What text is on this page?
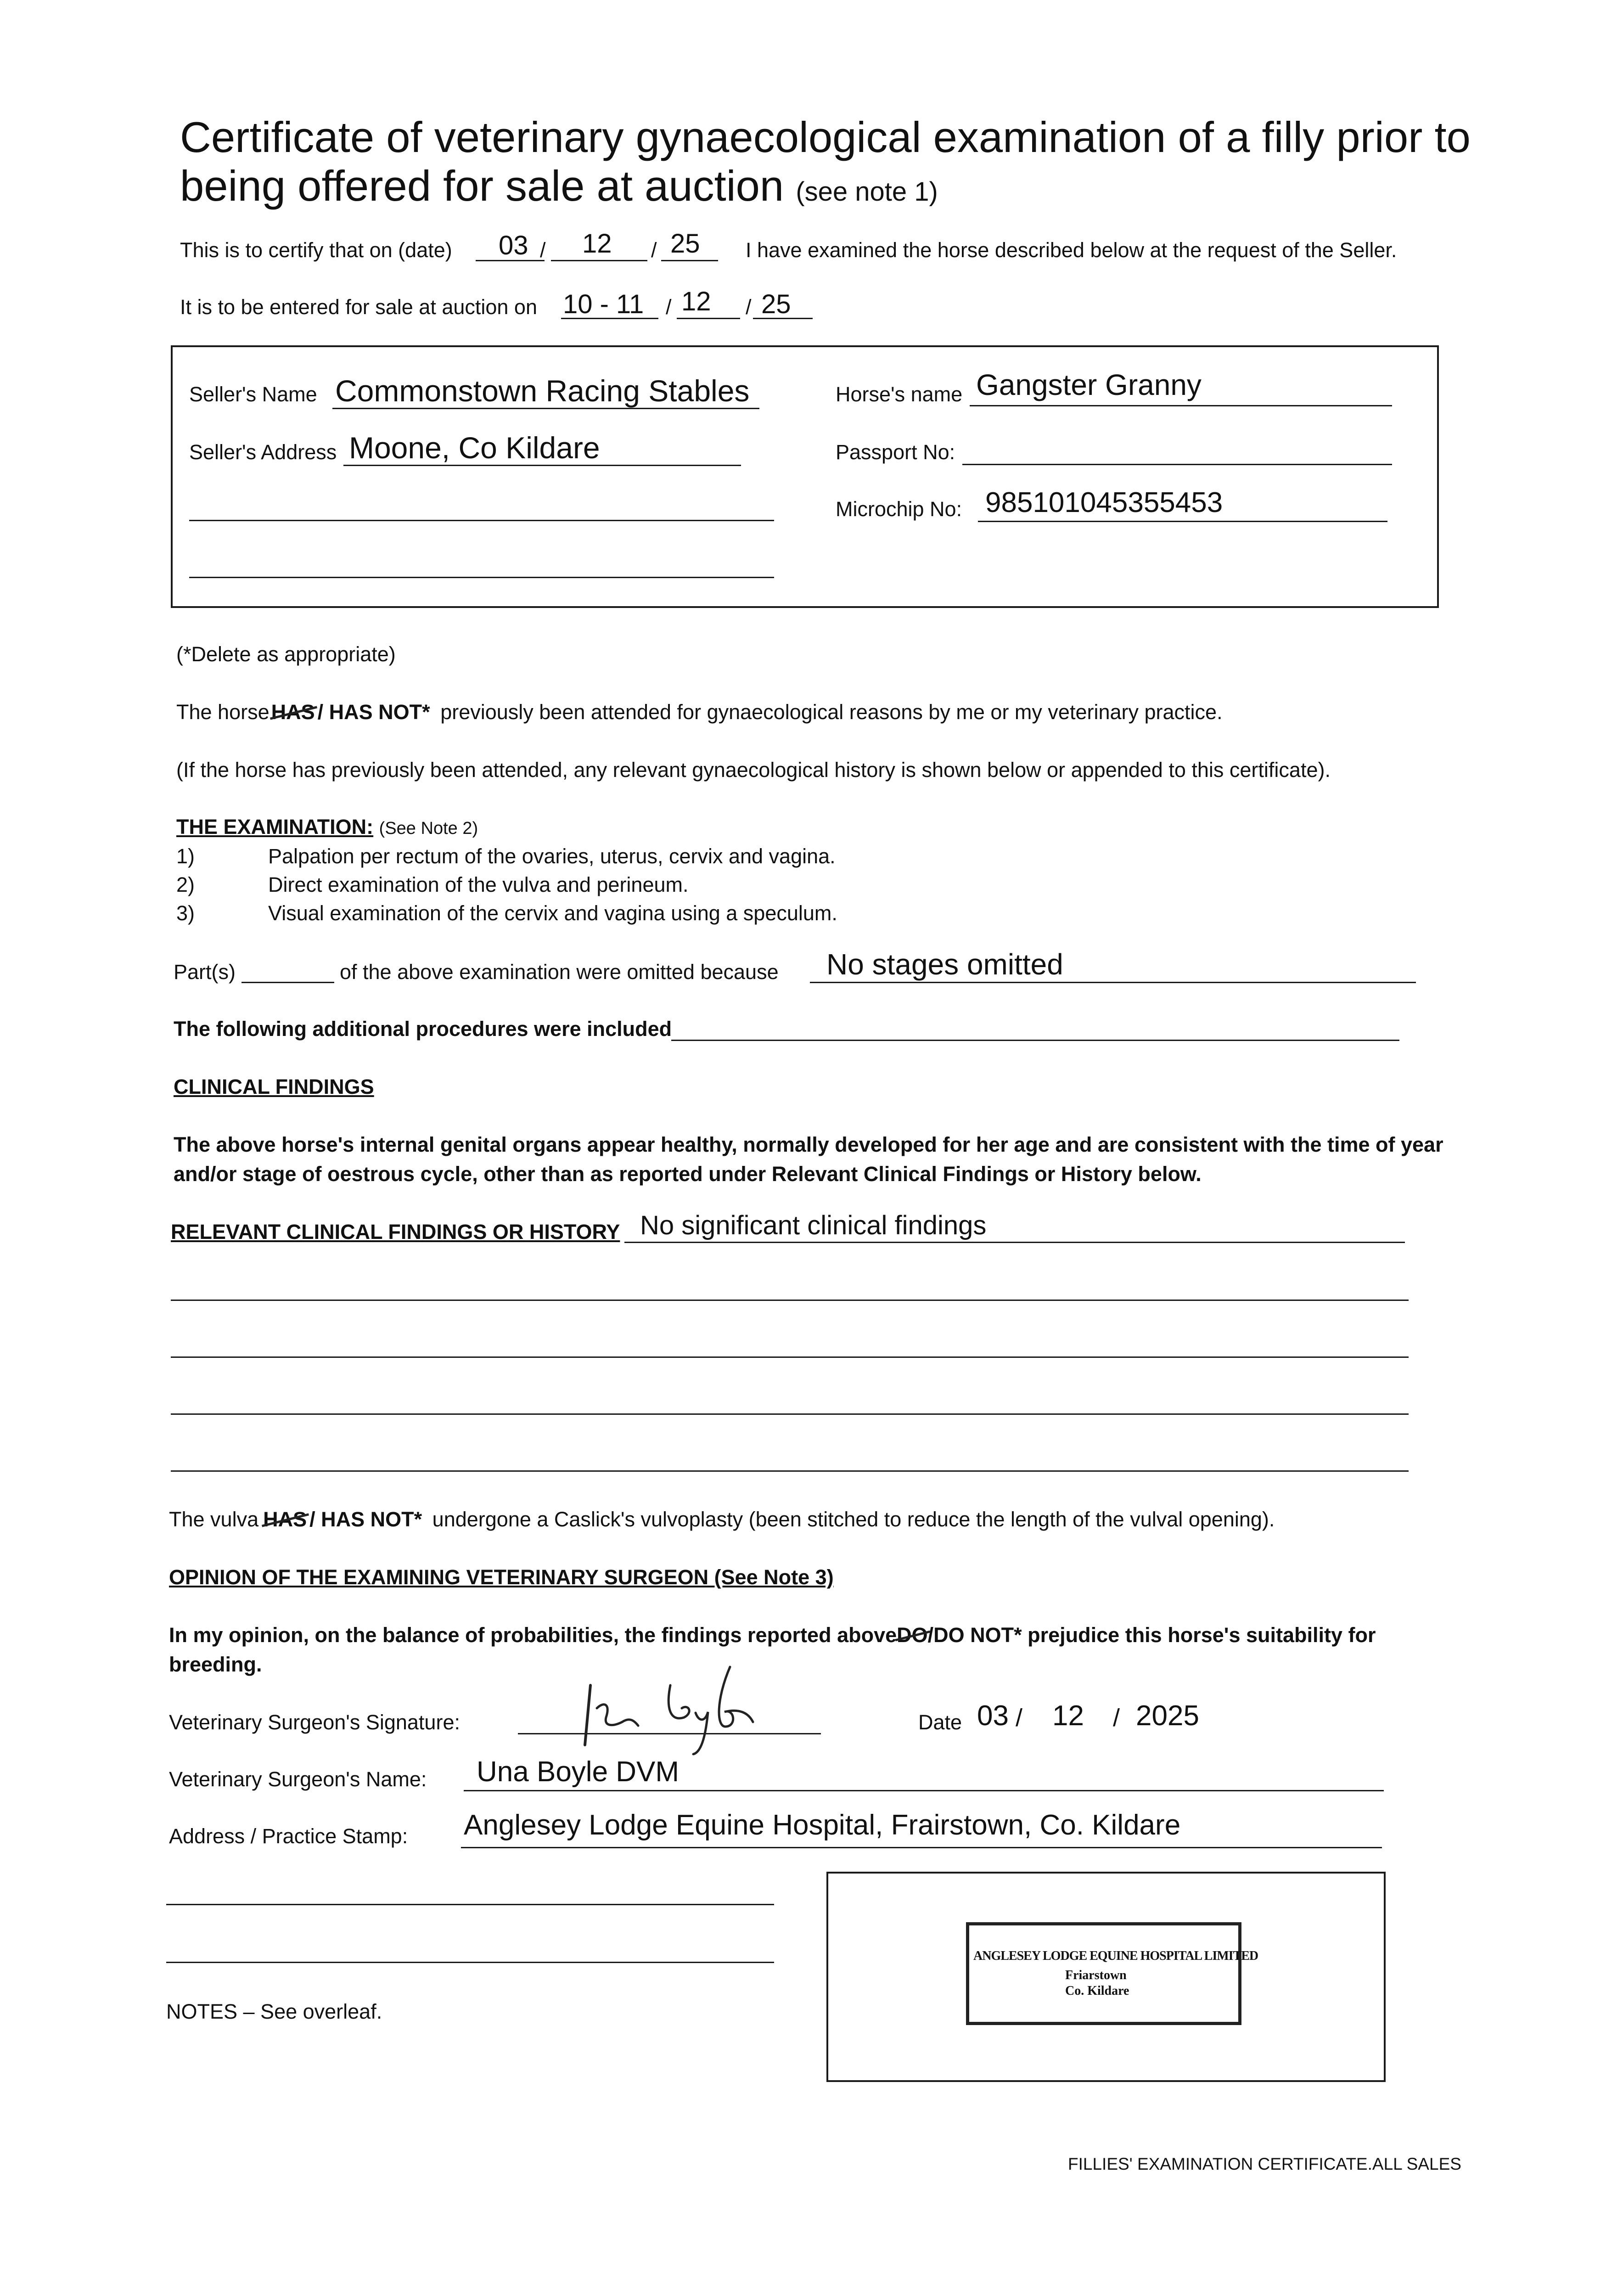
Certificate of veterinary gynaecological examination of a filly prior to
being offered for sale at auction (see note 1)
This is to certify that on (date) 03 / 12 / 25 I have examined the horse described below at the request of the Seller.
It is to be entered for sale at auction on 10 - 11 / 12 / 25
Seller's Name Commonstown Racing Stables
Seller's Address Moone, Co Kildare
Horse's name Gangster Granny
Passport No:
Microchip No: 985101045355453
(*Delete as appropriate)
The horseHAS / HAS NOT* previously been attended for gynaecological reasons by me or my veterinary practice.
(If the horse has previously been attended, any relevant gynaecological history is shown below or appended to this certificate).
THE EXAMINATION: (See Note 2)
1)	Palpation per rectum of the ovaries, uterus, cervix and vagina.
2)	Direct examination of the vulva and perineum.
3)	Visual examination of the cervix and vagina using a speculum.
Part(s)	of the above examination were omitted because No stages omitted
The following additional procedures were included
CLINICAL FINDINGS
The above horse's internal genital organs appear healthy, normally developed for her age and are consistent with the time of year
and/or stage of oestrous cycle, other than as reported under Relevant Clinical Findings or History below.
RELEVANT CLINICAL FINDINGS OR HISTORY No significant clinical findings
The vulva HAS / HAS NOT* undergone a Caslick's vulvoplasty (been stitched to reduce the length of the vulval opening).
OPINION OF THE EXAMINING VETERINARY SURGEON (See Note 3)
In my opinion, on the balance of probabilities, the findings reported aboveDO/DO NOT* prejudice this horse's suitability for
breeding.
Veterinary Surgeon's Signature:	Date 03 / 12 / 2025
Veterinary Surgeon's Name: Una Boyle DVM
Address / Practice Stamp: Anglesey Lodge Equine Hospital, Frairstown, Co. Kildare
ANGLESEY LODGE EQUINE HOSPITAL LIMITED
Friarstown
Co. Kildare
NOTES – See overleaf.
FILLIES' EXAMINATION CERTIFICATE.ALL SALES
